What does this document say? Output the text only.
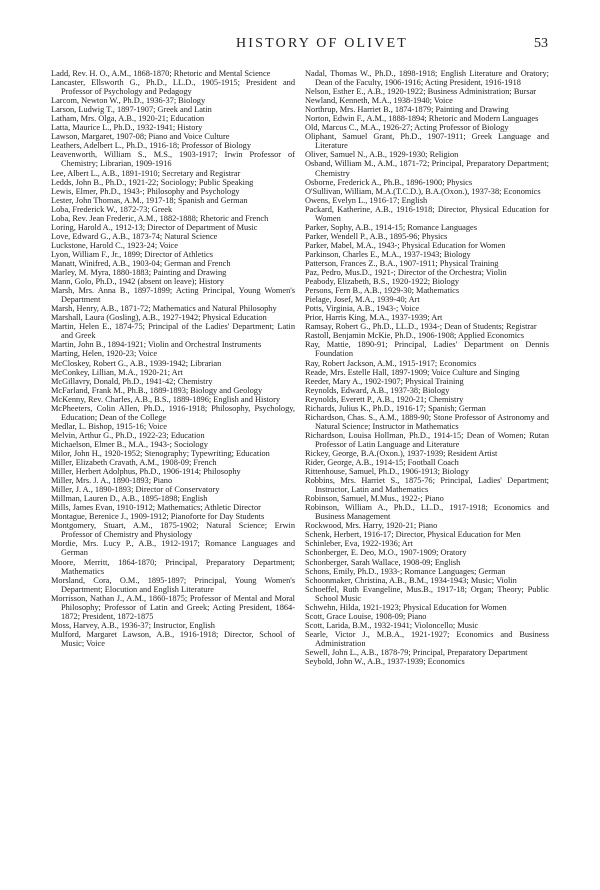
HISTORY OF OLIVET	53
Ladd, Rev. H. O., A.M., 1868-1870; Rhetoric and Mental Science
Lancaster, Ellsworth G., Ph.D., LL.D., 1905-1915; President and Professor of Psychology and Pedagogy
Larcom, Newton W., Ph.D., 1936-37; Biology
Larson, Ludwig T., 1897-1907; Greek and Latin
Latham, Mrs. Olga, A.B., 1920-21; Education
Latta, Maurice L., Ph.D., 1932-1941; History
Lawson, Margaret, 1907-08; Piano and Voice Culture
Leathers, Adelbert L., Ph.D., 1916-18; Professor of Biology
Leavenworth, William S., M.S., 1903-1917; Irwin Professor of Chemistry; Librarian, 1909-1916
Lee, Albert L., A.B., 1891-1910; Secretary and Registrar
Ledds, John B., Ph.D., 1921-22; Sociology; Public Speaking
Lewis, Elmer, Ph.D., 1943-; Philosophy and Psychology
Lester, John Thomas, A.M., 1917-18; Spanish and German
Loba, Frederick W., 1872-73; Greek
Loba, Rev. Jean Frederic, A.M., 1882-1888; Rhetoric and French
Loring, Harold A., 1912-13; Director of Department of Music
Love, Edward G., A.B., 1873-74; Natural Science
Luckstone, Harold C., 1923-24; Voice
Lyon, William F., Jr., 1899; Director of Athletics
Manatt, Winifred, A.B., 1903-04; German and French
Marley, M. Myra, 1880-1883; Painting and Drawing
Mann, Golo, Ph.D., 1942 (absent on leave); History
Marsh, Mrs. Anna B., 1897-1899; Acting Principal, Young Women's Department
Marsh, Henry, A.B., 1871-72; Mathematics and Natural Philosophy
Marshall, Laura (Gosling), A.B., 1927-1942; Physical Education
Martin, Helen E., 1874-75; Principal of the Ladies' Department; Latin and Greek
Martin, John B., 1894-1921; Violin and Orchestral Instruments
Marting, Helen, 1920-23; Voice
McCloskey, Robert G., A.B., 1939-1942; Librarian
McConkey, Lillian, M.A., 1920-21; Art
McGillavry, Donald, Ph.D., 1941-42; Chemistry
McFarland, Frank M., Ph.B., 1889-1893; Biology and Geology
McKenny, Rev. Charles, A.B., B.S., 1889-1896; English and History
McPheeters, Colin Allen, Ph.D., 1916-1918; Philosophy, Psychology, Education; Dean of the College
Medlar, L. Bishop, 1915-16; Voice
Melvin, Arthur G., Ph.D., 1922-23; Education
Michaelson, Elmer B., M.A., 1943-; Sociology
Milor, John H., 1920-1952; Stenography; Typewriting; Education
Miller, Elizabeth Cravath, A.M., 1908-09; French
Miller, Herbert Adolphus, Ph.D., 1906-1914; Philosophy
Miller, Mrs. J. A., 1890-1893; Piano
Miller, J. A., 1890-1893; Director of Conservatory
Millman, Lauren D., A.B., 1895-1898; English
Mills, James Evan, 1910-1912; Mathematics; Athletic Director
Montague, Berenice J., 1909-1912; Pianoforte for Day Students
Montgomery, Stuart, A.M., 1875-1902; Natural Science; Erwin Professor of Chemistry and Physiology
Mordie, Mrs. Lucy P., A.B., 1912-1917; Romance Languages and German
Moore, Merritt, 1864-1870; Principal, Preparatory Department; Mathematics
Morsland, Cora, O.M., 1895-1897; Principal, Young Women's Department; Elocution and English Literature
Morrisson, Nathan J., A.M., 1860-1875; Professor of Mental and Moral Philosophy; Professor of Latin and Greek; Acting President, 1864-1872; President, 1872-1875
Moss, Harvey, A.B., 1936-37; Instructor, English
Mulford, Margaret Lawson, A.B., 1916-1918; Director, School of Music; Voice
Nadal, Thomas W., Ph.D., 1898-1918; English Literature and Oratory; Dean of the Faculty, 1906-1916; Acting President, 1916-1918
Nelson, Esther E., A.B., 1920-1922; Business Administration; Bursar
Newland, Kenneth, M.A., 1938-1940; Voice
Northrup, Mrs. Harriet B., 1874-1879; Painting and Drawing
Norton, Edwin F., A.M., 1888-1894; Rhetoric and Modern Languages
Old, Marcus C., M.A., 1926-27; Acting Professor of Biology
Oliphant, Samuel Grant, Ph.D., 1907-1911; Greek Language and Literature
Oliver, Samuel N., A.B., 1929-1930; Religion
Osband, William M., A.M., 1871-72; Principal, Preparatory Department; Chemistry
Osborne, Frederick A., Ph.B., 1896-1900; Physics
O'Sullivan, William, M.A.(T.C.D.), B.A.(Oxon.), 1937-38; Economics
Owens, Evelyn L., 1916-17; English
Packard, Katherine, A.B., 1916-1918; Director, Physical Education for Women
Parker, Sophy, A.B., 1914-15; Romance Languages
Parker, Wendell P., A.B., 1895-96; Physics
Parker, Mabel, M.A., 1943-; Physical Education for Women
Parkinson, Charles E., M.A., 1937-1943; Biology
Patterson, Frances Z., B.A., 1907-1911; Physical Training
Paz, Pedro, Mus.D., 1921-; Director of the Orchestra; Violin
Peabody, Elizabeth, B.S., 1920-1922; Biology
Persons, Fern B., A.B., 1929-30; Mathematics
Pielage, Josef, M.A., 1939-40; Art
Potts, Virginia, A.B., 1943-; Voice
Prior, Harris King, M.A., 1937-1939; Art
Ramsay, Robert G., Ph.D., LL.D., 1934-; Dean of Students; Registrar
Rastoll, Benjamin McKie, Ph.D., 1906-1908; Applied Economics
Ray, Mattie, 1890-91; Principal, Ladies' Department on Dennis Foundation
Ray, Robert Jackson, A.M., 1915-1917; Economics
Reade, Mrs. Estelle Hall, 1897-1909; Voice Culture and Singing
Reeder, Mary A., 1902-1907; Physical Training
Reynolds, Edward, A.B., 1937-38; Biology
Reynolds, Everett P., A.B., 1920-21; Chemistry
Richards, Julius K., Ph.D., 1916-17; Spanish; German
Richardson, Chas. S., A.M., 1889-90; Stone Professor of Astronomy and Natural Science; Instructor in Mathematics
Richardson, Louisa Hollman, Ph.D., 1914-15; Dean of Women; Rutan Professor of Latin Language and Literature
Rickey, George, B.A.(Oxon.), 1937-1939; Resident Artist
Rider, George, A.B., 1914-15; Football Coach
Rittenhouse, Samuel, Ph.D., 1906-1913; Biology
Robbins, Mrs. Harriet S., 1875-76; Principal, Ladies' Department; Instructor, Latin and Mathematics
Robinson, Samuel, M.Mus., 1922-; Piano
Robinson, William A., Ph.D., LL.D., 1917-1918; Economics and Business Management
Rockwood, Mrs. Harry, 1920-21; Piano
Schenk, Herbert, 1916-17; Director, Physical Education for Men
Schinleber, Eva, 1922-1936; Art
Schonberger, E. Deo, M.O., 1907-1909; Oratory
Schonberger, Sarah Wallace, 1908-09; English
Schons, Emily, Ph.D., 1933-; Romance Languages; German
Schoonmaker, Christina, A.B., B.M., 1934-1943; Music; Violin
Schoeffel, Ruth Evangeline, Mus.B., 1917-18; Organ; Theory; Public School Music
Schwehn, Hilda, 1921-1923; Physical Education for Women
Scott, Grace Louise, 1908-09; Piano
Scott, Larida, B.M., 1932-1941; Violoncello; Music
Searle, Victor J., M.B.A., 1921-1927; Economics and Business Administration
Sewell, John L., A.B., 1878-79; Principal, Preparatory Department
Seybold, John W., A.B., 1937-1939; Economics
